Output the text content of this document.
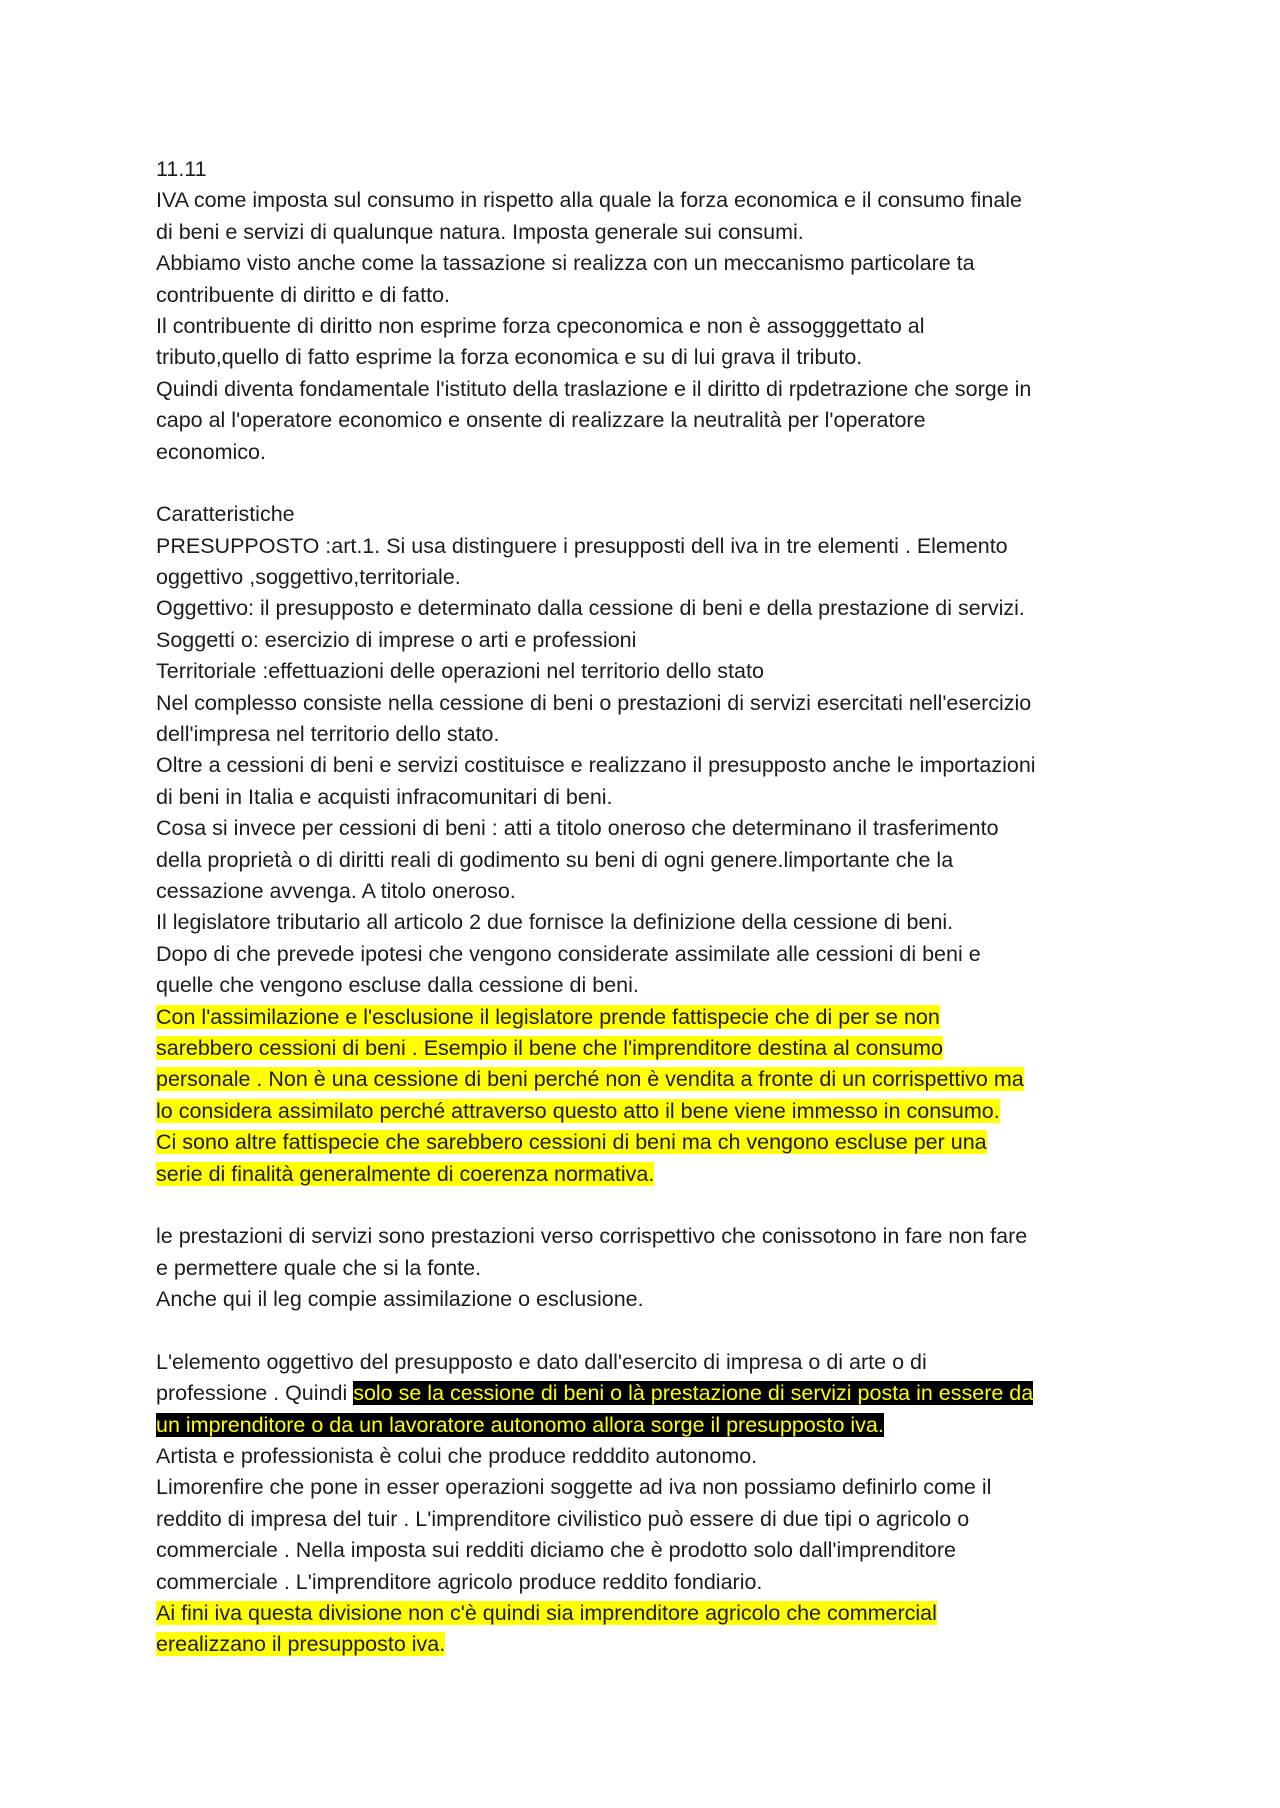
11.11
IVA come imposta sul consumo in rispetto alla quale la forza economica e il consumo finale
di beni e servizi di qualunque natura. Imposta generale sui consumi.
Abbiamo visto anche come la tassazione si realizza con un meccanismo particolare ta
contribuente di diritto e di fatto.
Il contribuente di diritto non esprime forza cpeconomica e non è assogggettato al
tributo,quello di fatto esprime la forza economica e su di lui grava il tributo.
Quindi diventa fondamentale l'istituto della traslazione e il diritto di rpdetrazione che sorge in
capo al l'operatore economico e onsente di realizzare la neutralità per l'operatore
economico.
Caratteristiche
PRESUPPOSTO :art.1. Si usa distinguere i presupposti dell iva in tre elementi . Elemento
oggettivo ,soggettivo,territoriale.
Oggettivo: il presupposto e determinato dalla cessione di beni e della prestazione di servizi.
Soggetti o: esercizio di imprese o arti e professioni
Territoriale :effettuazioni delle operazioni nel territorio dello stato
Nel complesso consiste nella cessione di beni o prestazioni di servizi esercitati nell'esercizio
dell'impresa nel territorio dello stato.
Oltre a cessioni di beni e servizi costituisce e realizzano il presupposto anche le importazioni
di beni in Italia e acquisti infracomunitari di beni.
Cosa si invece per cessioni di beni : atti a titolo oneroso che determinano il trasferimento
della proprietà o di diritti reali di godimento su beni di ogni genere.limportante che la
cessazione avvenga. A titolo oneroso.
Il legislatore tributario all articolo 2 due fornisce la definizione della cessione di beni.
Dopo di che prevede ipotesi che vengono considerate assimilate alle cessioni di beni e
quelle che vengono escluse dalla cessione di beni.
Con l'assimilazione e l'esclusione il legislatore prende fattispecie che di per se non
sarebbero cessioni di beni . Esempio il bene che l'imprenditore destina al consumo
personale . Non è una cessione di beni perché non è vendita a fronte di un corrispettivo ma
lo considera assimilato perché attraverso questo atto il bene viene immesso in consumo.
Ci sono altre fattispecie che sarebbero cessioni di beni ma ch vengono escluse per una
serie di finalità generalmente di coerenza normativa.
le prestazioni di servizi sono prestazioni verso corrispettivo che conissotono in fare non fare
e permettere quale che si la fonte.
Anche qui il leg compie assimilazione o esclusione.
L'elemento oggettivo del presupposto e dato dall'esercito di impresa o di arte o di
professione . Quindi solo se la cessione di beni o là prestazione di servizi posta in essere da
un imprenditore o da un lavoratore autonomo allora sorge il presupposto iva.
Artista e professionista è colui che produce redddito autonomo.
Limorenfire che pone in esser operazioni soggette ad iva non possiamo definirlo come il
reddito di impresa del tuir . L'imprenditore civilistico può essere di due tipi o agricolo o
commerciale . Nella imposta sui redditi diciamo che è prodotto solo dall'imprenditore
commerciale . L'imprenditore agricolo produce reddito fondiario.
Ai fini iva questa divisione non c'è quindi sia imprenditore agricolo che commercial
erealizzano il presupposto iva.
